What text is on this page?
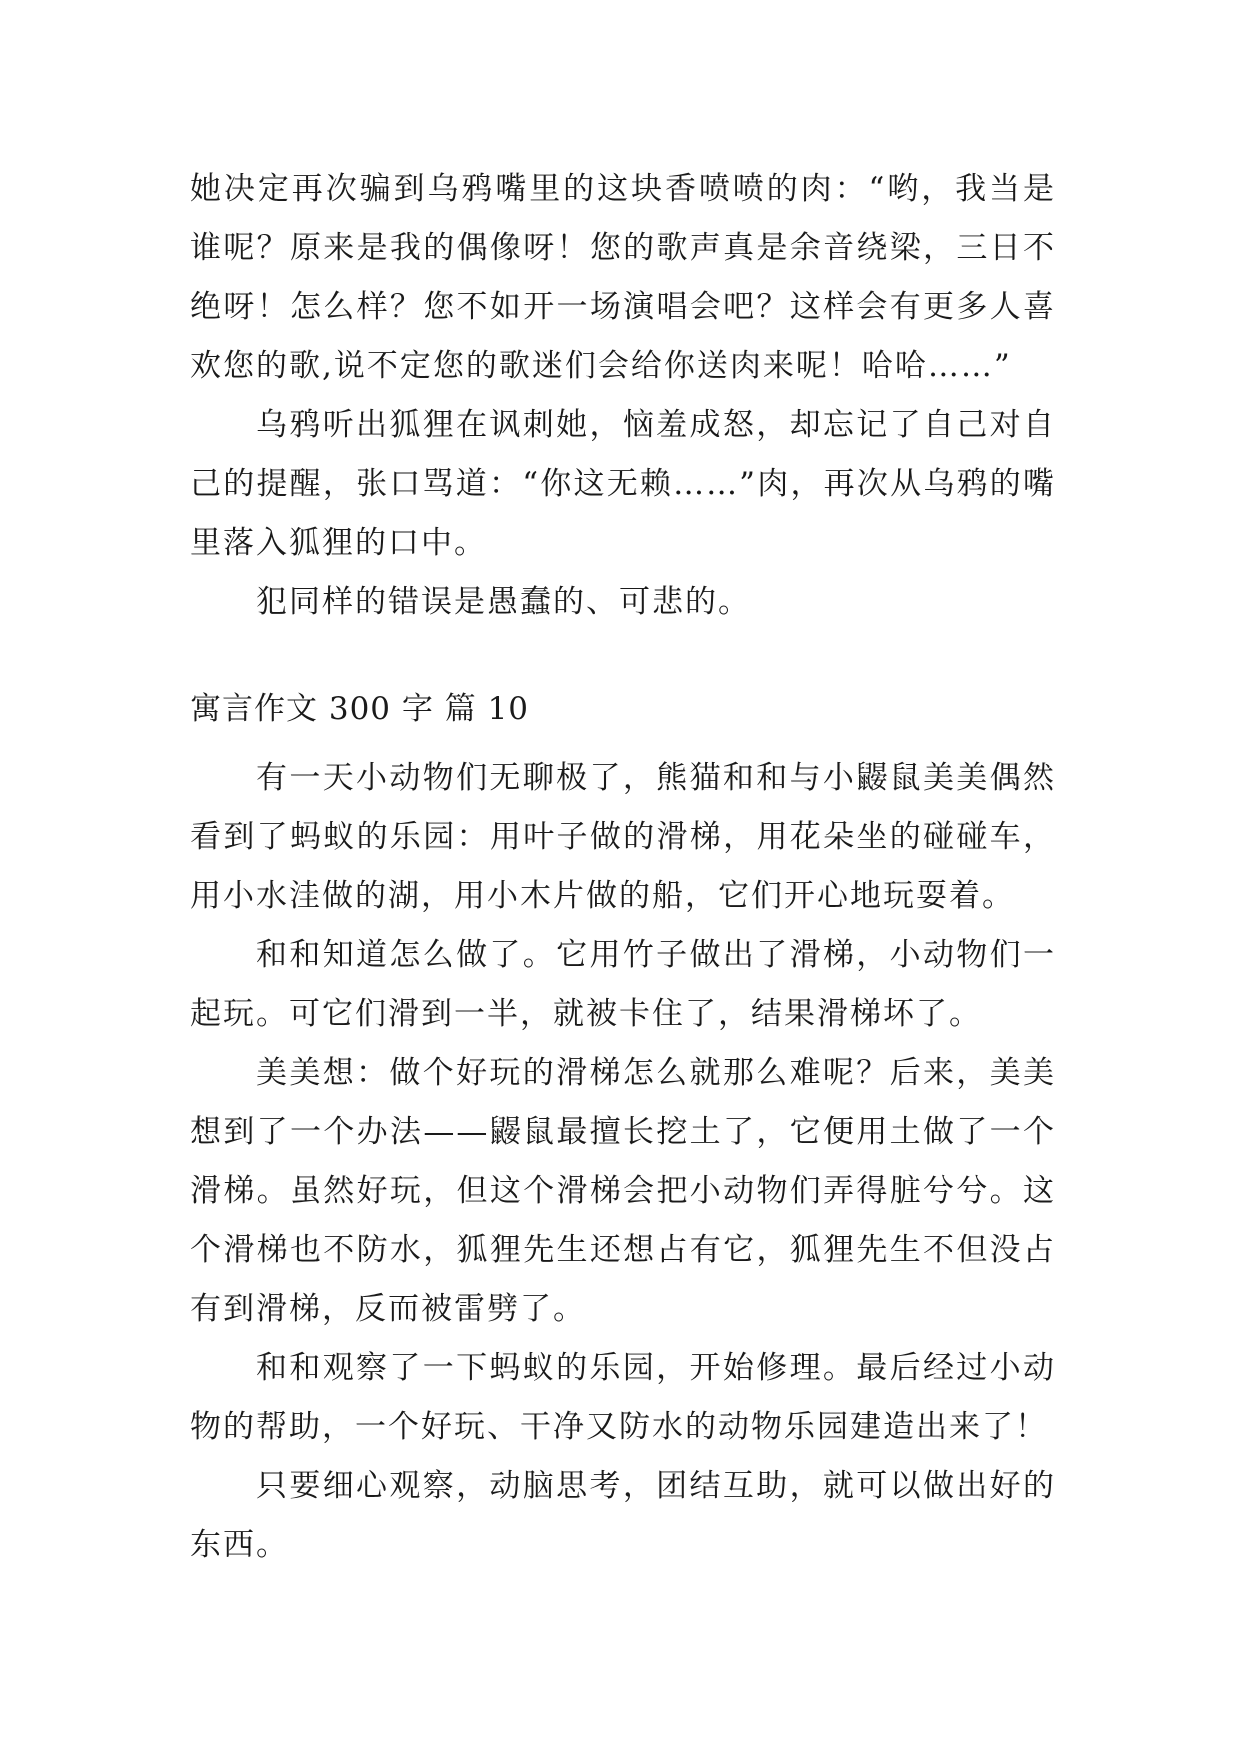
她决定再次骗到乌鸦嘴里的这块香喷喷的肉：“哟，我当是谁呢？原来是我的偶像呀！您的歌声真是余音绕梁，三日不绝呀！怎么样？您不如开一场演唱会吧？这样会有更多人喜欢您的歌,说不定您的歌迷们会给你送肉来呢！哈哈……”

乌鸦听出狐狸在讽刺她，恼羞成怒，却忘记了自己对自己的提醒，张口骂道：“你这无赖……”肉，再次从乌鸦的嘴里落入狐狸的口中。

犯同样的错误是愚蠢的、可悲的。

寓言作文 300 字 篇 10

有一天小动物们无聊极了，熊猫和和与小鼹鼠美美偶然看到了蚂蚁的乐园：用叶子做的滑梯，用花朵坐的碰碰车，用小水洼做的湖，用小木片做的船，它们开心地玩耍着。

和和知道怎么做了。它用竹子做出了滑梯，小动物们一起玩。可它们滑到一半，就被卡住了，结果滑梯坏了。

美美想：做个好玩的滑梯怎么就那么难呢？后来，美美想到了一个办法——鼹鼠最擅长挖土了，它便用土做了一个滑梯。虽然好玩，但这个滑梯会把小动物们弄得脏兮兮。这个滑梯也不防水，狐狸先生还想占有它，狐狸先生不但没占有到滑梯，反而被雷劈了。

和和观察了一下蚂蚁的乐园，开始修理。最后经过小动物的帮助，一个好玩、干净又防水的动物乐园建造出来了！

只要细心观察，动脑思考，团结互助，就可以做出好的东西。
